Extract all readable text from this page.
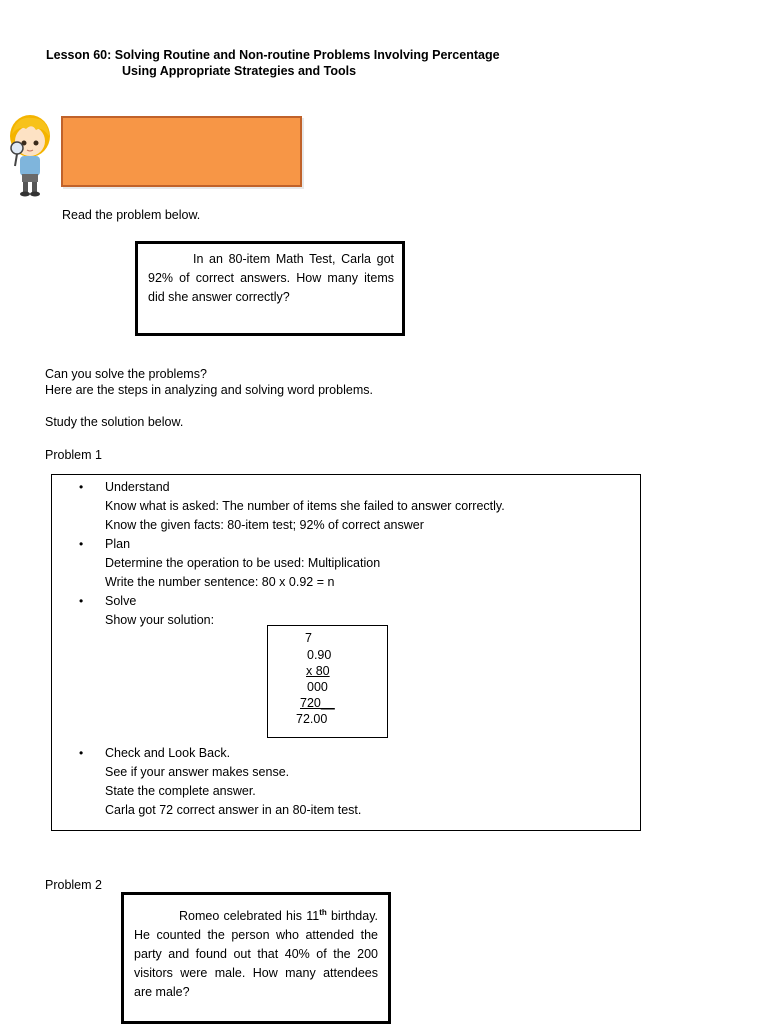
Lesson 60: Solving Routine and Non-routine Problems Involving Percentage
Using Appropriate Strategies and Tools
Read the problem below.
In an 80-item Math Test, Carla got 92% of correct answers. How many items did she answer correctly?
Can you solve the problems?
Here are the steps in analyzing and solving word problems.
Study the solution below.
Problem 1
• Understand
Know what is asked: The number of items she failed to answer correctly.
Know the given facts: 80-item test; 92% of correct answer
• Plan
Determine the operation to be used: Multiplication
Write the number sentence: 80 x 0.92 = n
• Solve
Show your solution:
7
0.90
x 80
000
720__
72.00
• Check and Look Back.
See if your answer makes sense.
State the complete answer.
Carla got 72 correct answer in an 80-item test.
Problem 2
Romeo celebrated his 11th birthday. He counted the person who attended the party and found out that 40% of the 200 visitors were male. How many attendees are male?
